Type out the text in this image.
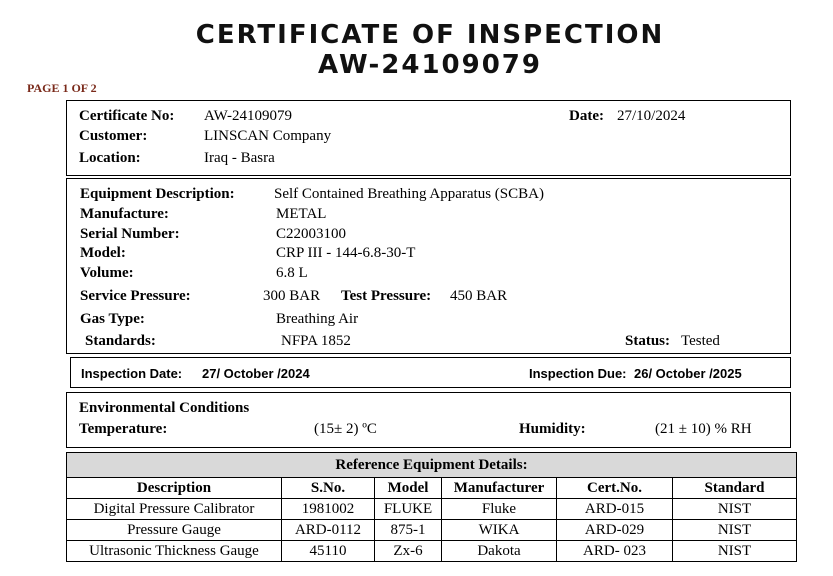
CERTIFICATE OF INSPECTION
AW-24109079
PAGE 1 OF 2
Certificate No: AW-24109079	Date: 27/10/2024
Customer:	LINSCAN Company
Location:	Iraq - Basra
Equipment Description:	Self Contained Breathing Apparatus (SCBA)
Manufacture:	METAL
Serial Number:	C22003100
Model:	CRP III - 144-6.8-30-T
Volume:	6.8 L
Service Pressure:	300 BAR Test Pressure: 450 BAR
Gas Type:	Breathing Air
Standards:	NFPA 1852	Status: Tested
Inspection Date: 27/ October /2024	Inspection Due: 26/ October /2025
Environmental Conditions
Temperature:	(15± 2) ºC	Humidity:	(21 ± 10) % RH
Reference Equipment Details:					
Description	S.No.	Model	Manufacturer	Cert.No.	Standard
Digital Pressure Calibrator	1981002	FLUKE	Fluke	ARD-015	NIST
Pressure Gauge	ARD-0112	875-1	WIKA	ARD-029	NIST
Ultrasonic Thickness Gauge	45110	Zx-6	Dakota	ARD- 023	NIST
